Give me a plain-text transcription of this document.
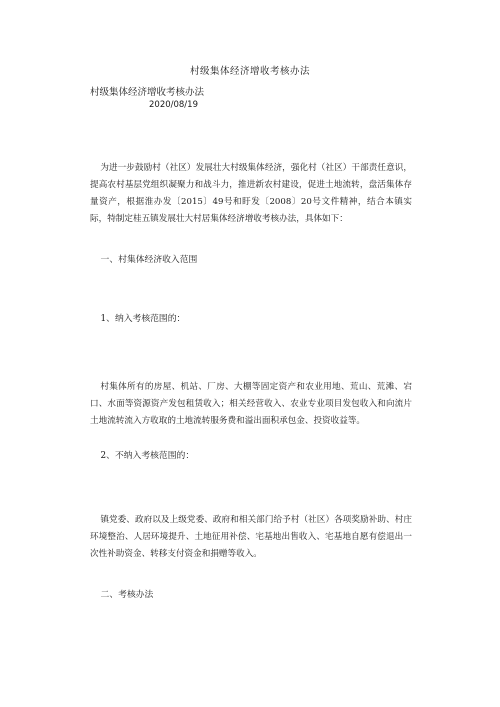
村级集体经济增收考核办法
村级集体经济增收考核办法
2020/08/19

为进一步鼓励村（社区）发展壮大村级集体经济，强化村（社区）干部责任意识，提高农村基层党组织凝聚力和战斗力，推进新农村建设，促进土地流转，盘活集体存量资产，根据淮办发〔2015〕49号和盱发〔2008〕20号文件精神，结合本镇实际，特制定桂五镇发展壮大村居集体经济增收考核办法，具体如下：

一、村集体经济收入范围
1、纳入考核范围的：

村集体所有的房屋、机站、厂房、大棚等固定资产和农业用地、荒山、荒滩、宕口、水面等资源资产发包租赁收入；相关经营收入、农业专业项目发包收入和向流片土地流转流入方收取的土地流转服务费和溢出面积承包金、投资收益等。

2、不纳入考核范围的：

镇党委、政府以及上级党委、政府和相关部门给予村（社区）各项奖励补助、村庄环境整治、人居环境提升、土地征用补偿、宅基地出售收入、宅基地自愿有偿退出一次性补助资金、转移支付资金和捐赠等收入。

二、考核办法
